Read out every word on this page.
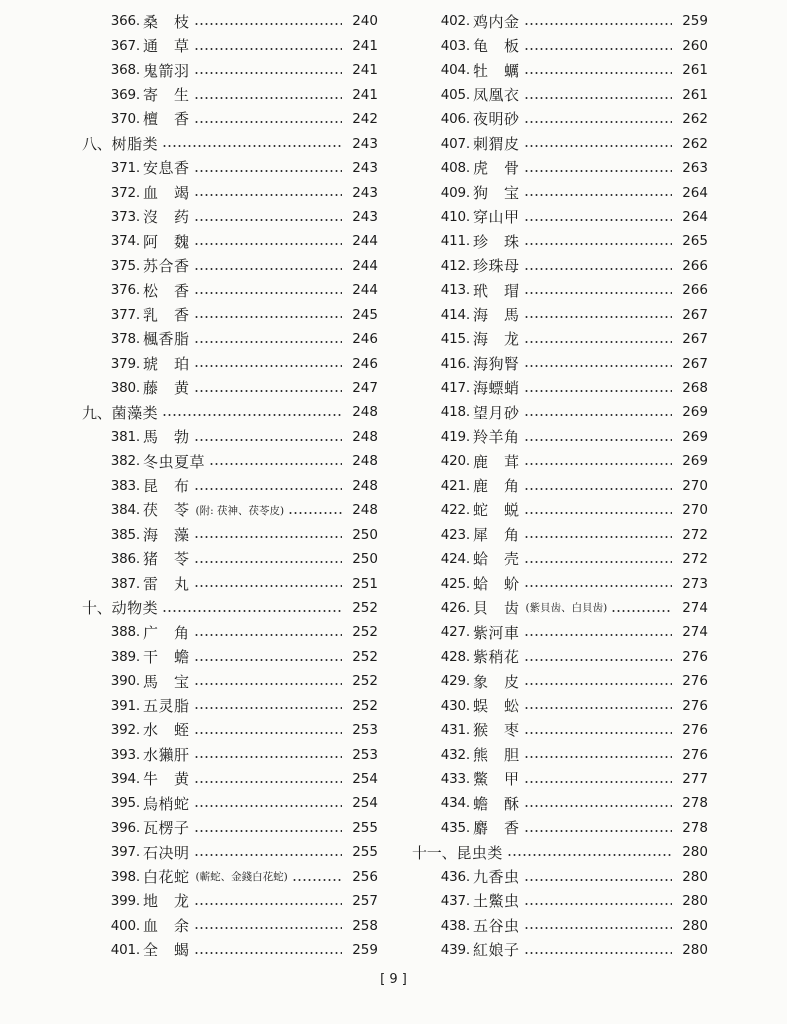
366. 桑　枝	240
367. 通　草	241
368. 鬼箭羽	241
369. 寄　生	241
370. 檀　香	242
八、 树脂类	243
371. 安息香	243
372. 血　竭	243
373. 沒　药	243
374. 阿　魏	244
375. 苏合香	244
376. 松　香	244
377. 乳　香	245
378. 楓香脂	246
379. 琥　珀	246
380. 藤　黄	247
九、 菌藻类	248
381. 馬　勃	248
382. 冬虫夏草	248
383. 昆　布	248
384. 茯　苓 (附: 茯神、茯苓皮)	248
385. 海　藻	250
386. 猪　苓	250
387. 雷　丸	251
十、 动物类	252
388. 广　角	252
389. 干　蟾	252
390. 馬　宝	252
391. 五灵脂	252
392. 水　蛭	253
393. 水獺肝	253
394. 牛　黄	254
395. 烏梢蛇	254
396. 瓦楞子	255
397. 石决明	255
398. 白花蛇 (蘄蛇、金錢白花蛇)	256
399. 地　龙	257
400. 血　余	258
401. 全　蝎	259
402. 鸡内金	259
403. 龟　板	260
404. 牡　蠣	261
405. 凤凰衣	261
406. 夜明砂	262
407. 刺猬皮	262
408. 虎　骨	263
409. 狗　宝	264
410. 穿山甲	264
411. 珍　珠	265
412. 珍珠母	266
413. 玳　瑁	266
414. 海　馬	267
415. 海　龙	267
416. 海狗腎	267
417. 海螵蛸	268
418. 望月砂	269
419. 羚羊角	269
420. 鹿　茸	269
421. 鹿　角	270
422. 蛇　蜕	270
423. 犀　角	272
424. 蛤　壳	272
425. 蛤　蚧	273
426. 貝　齿 (紫貝齿、白貝齿)	274
427. 紫河車	274
428. 紫稍花	276
429. 象　皮	276
430. 蜈　蚣	276
431. 猴　枣	276
432. 熊　胆	276
433. 鱉　甲	277
434. 蟾　酥	278
435. 麝　香	278
十一、 昆虫类	280
436. 九香虫	280
437. 土鱉虫	280
438. 五谷虫	280
439. 紅娘子	280
[ 9 ]
